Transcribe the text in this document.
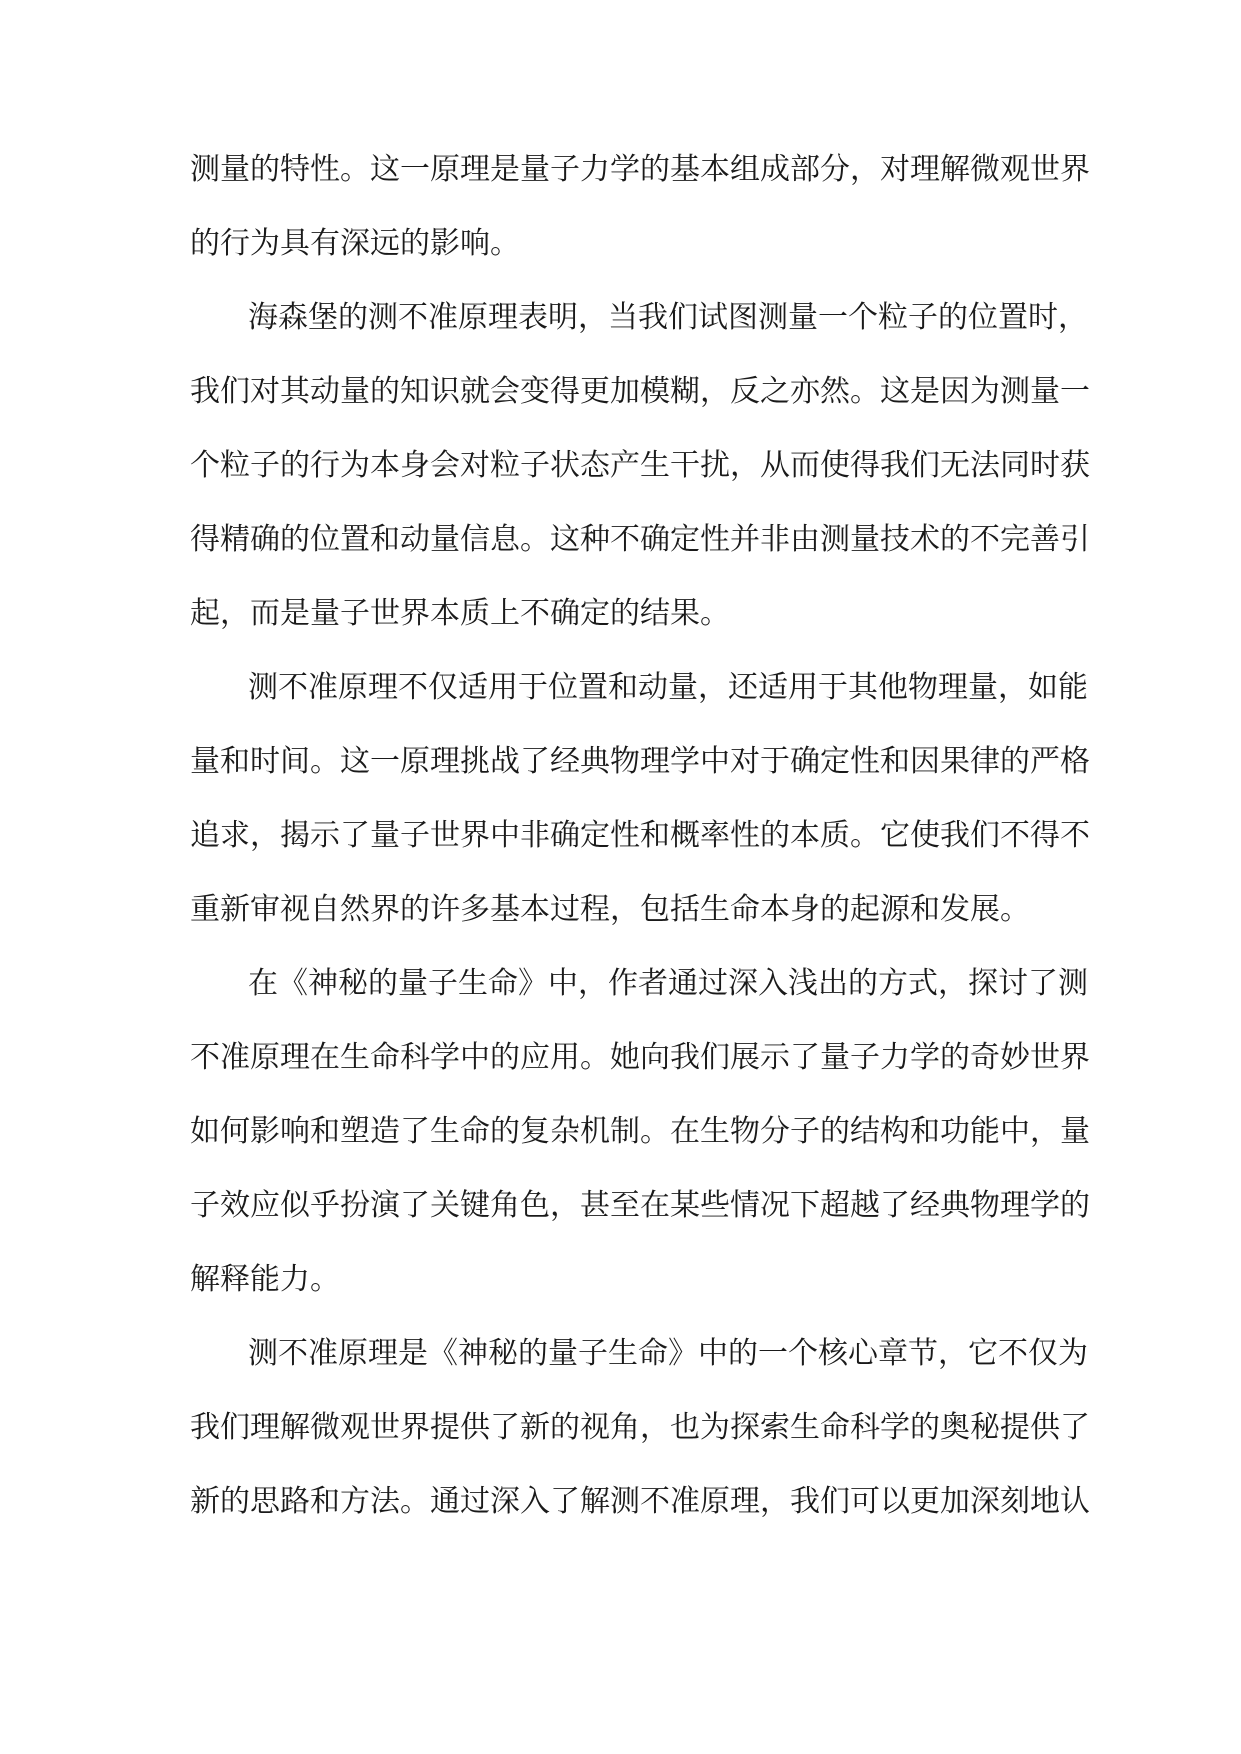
测量的特性。这一原理是量子力学的基本组成部分，对理解微观世界
的行为具有深远的影响。
海森堡的测不准原理表明，当我们试图测量一个粒子的位置时，
我们对其动量的知识就会变得更加模糊，反之亦然。这是因为测量一
个粒子的行为本身会对粒子状态产生干扰，从而使得我们无法同时获
得精确的位置和动量信息。这种不确定性并非由测量技术的不完善引
起，而是量子世界本质上不确定的结果。
测不准原理不仅适用于位置和动量，还适用于其他物理量，如能
量和时间。这一原理挑战了经典物理学中对于确定性和因果律的严格
追求，揭示了量子世界中非确定性和概率性的本质。它使我们不得不
重新审视自然界的许多基本过程，包括生命本身的起源和发展。
在《神秘的量子生命》中，作者通过深入浅出的方式，探讨了测
不准原理在生命科学中的应用。她向我们展示了量子力学的奇妙世界
如何影响和塑造了生命的复杂机制。在生物分子的结构和功能中，量
子效应似乎扮演了关键角色，甚至在某些情况下超越了经典物理学的
解释能力。
测不准原理是《神秘的量子生命》中的一个核心章节，它不仅为
我们理解微观世界提供了新的视角，也为探索生命科学的奥秘提供了
新的思路和方法。通过深入了解测不准原理，我们可以更加深刻地认
